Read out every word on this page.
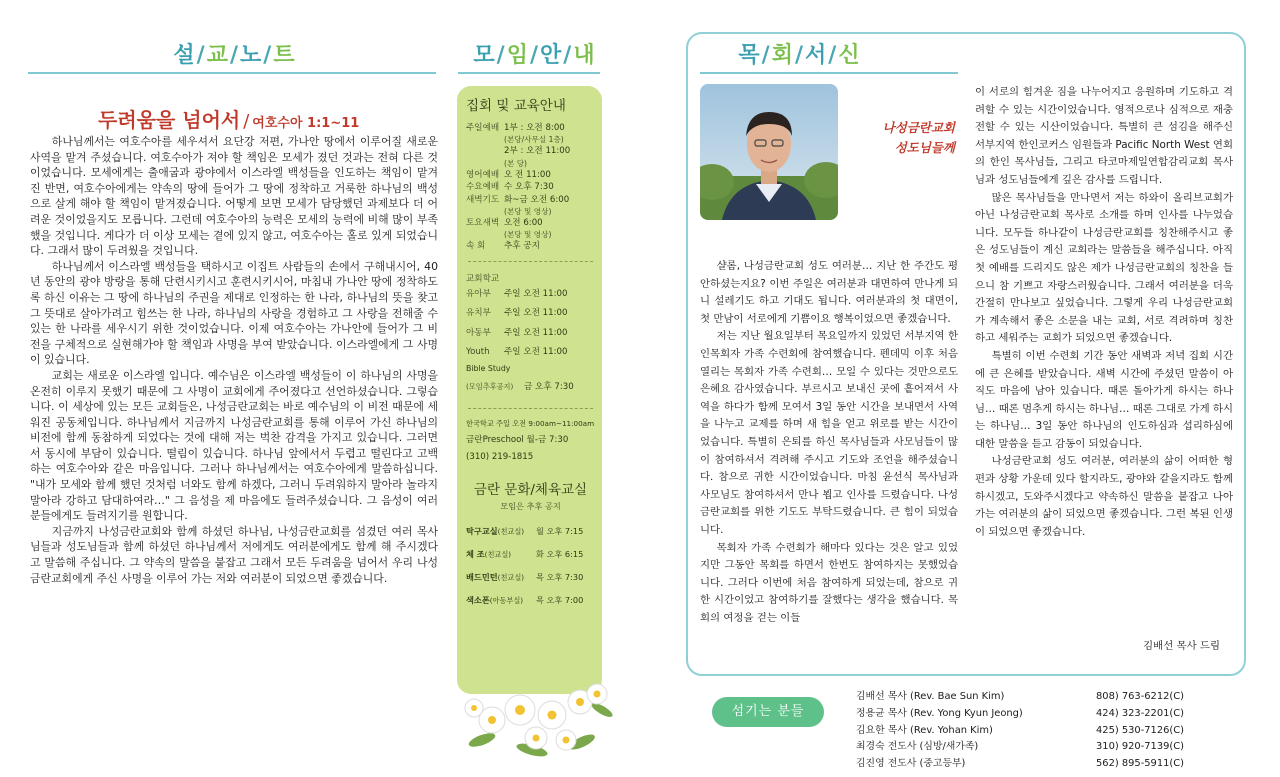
설/교/노/트	모/임/안/내
두려움을 넘어서 / 여호수아 1:1~11

하나님께서는 여호수아를 세우셔서 요단강 저편, 가나안 땅에서 이루어질 새로운 사역을 맡겨 주셨습니다. 여호수아가 져야 할 책임은 모세가 졌던 것과는 전혀 다른 것이었습니다. 모세에게는 출애굽과 광야에서 이스라엘 백성들을 인도하는 책임이 맡겨진 반면, 여호수아에게는 약속의 땅에 들어가 그 땅에 정착하고 거룩한 하나님의 백성으로 살게 해야 할 책임이 맡겨졌습니다. 어떻게 보면 모세가 담당했던 과제보다 더 어려운 것이었을지도 모릅니다. 그런데 여호수아의 능력은 모세의 능력에 비해 많이 부족했을 것입니다. 게다가 더 이상 모세는 곁에 있지 않고, 여호수아는 홀로 있게 되었습니다. 그래서 많이 두려웠을 것입니다.

하나님께서 이스라엘 백성들을 택하시고 이집트 사람들의 손에서 구해내시어, 40년 동안의 광야 방랑을 통해 단련시키시고 훈련시키시어, 마침내 가나안 땅에 정착하도록 하신 이유는 그 땅에 하나님의 주권을 제대로 인정하는 한 나라, 하나님의 뜻을 찾고 그 뜻대로 살아가려고 힘쓰는 한 나라, 하나님의 사랑을 경험하고 그 사랑을 전해줄 수 있는 한 나라를 세우시기 위한 것이었습니다. 이제 여호수아는 가나안에 들어가 그 비전을 구체적으로 실현해가야 할 책임과 사명을 부여 받았습니다. 이스라엘에게 그 사명이 있습니다.

교회는 새로운 이스라엘 입니다. 예수님은 이스라엘 백성들이 이 하나님의 사명을 온전히 이루지 못했기 때문에 그 사명이 교회에게 주어졌다고 선언하셨습니다. 그렇습니다. 이 세상에 있는 모든 교회들은, 나성금란교회는 바로 예수님의 이 비전 때문에 세워진 공동체입니다. 하나님께서 지금까지 나성금란교회를 통해 이루어 가신 하나님의 비전에 함께 동참하게 되었다는 것에 대해 저는 벅찬 감격을 가지고 있습니다. 그러면서 동시에 부담이 있습니다. 떨림이 있습니다. 하나님 앞에서서 두렵고 떨린다고 고백하는 여호수아와 같은 마음입니다. 그러나 하나님께서는 여호수아에게 말씀하십니다. "내가 모세와 함께 했던 것처럼 너와도 함께 하겠다, 그러니 두려워하지 말아라 놀라지 말아라 강하고 담대하여라…" 그 음성을 제 마음에도 들려주셨습니다. 그 음성이 여러분들에게도 들려지기를 원합니다.

지금까지 나성금란교회와 함께 하셨던 하나님, 나성금란교회를 섬겼던 여러 목사님들과 성도님들과 함께 하셨던 하나님께서 저에게도 여러분에게도 함께 해 주시겠다고 말씀해 주십니다. 그 약속의 말씀을 붙잡고 그래서 모든 두려움을 넘어서 우리 나성금란교회에게 주신 사명을 이루어 가는 저와 여러분이 되었으면 좋겠습니다.

집회 및 교육안내
주일예배 1부 : 오전 8:00
(본당/사무실 1층)
2부 : 오전 11:00
(본 당)
영어예배 오 전 11:00
수요예배 수 오후 7:30
새벽기도 화~금 오전 6:00
(본당 및 영상)
토요새벽 오전 6:00
(본당 및 영상)
속 회	추후 공지
교회학교
유아부	주일 오전 11:00
유치부	주일 오전 11:00
아동부	주일 오전 11:00
Youth	주일 오전 11:00
Bible Study
(모임추후공지)	금 오후 7:30
한국학교 주일 오전 9:00am~11:00am
금란Preschool 월-금 7:30
(310) 219-1815
금란 문화/체육교실
모임은 추후 공지
탁구교실(친교실)	월 오후 7:15
체 조(친교실)	화 오후 6:15
배드민턴(친교실)	목 오후 7:30
색소폰(아동부실)	목 오후 7:00
목/회/서/신
나성금란교회
성도님들께

샬롬, 나성금란교회 성도 여러분… 지난 한 주간도 평안하셨는지요? 이번 주일은 여러분과 대면하여 만나게 되니 설레기도 하고 기대도 됩니다. 여러분과의 첫 대면이, 첫 만남이 서로에게 기쁨이요 행복이었으면 좋겠습니다.

저는 지난 월요일부터 목요일까지 있었던 서부지역 한인목회자 가족 수련회에 참여했습니다. 펜데믹 이후 처음 열리는 목회자 가족 수련회… 모일 수 있다는 것만으로도 은혜요 감사였습니다. 부르시고 보내신 곳에 흩어져서 사역을 하다가 함께 모여서 3일 동안 시간을 보내면서 사역을 나누고 교제를 하며 새 힘을 얻고 위로를 받는 시간이었습니다. 특별히 은퇴를 하신 목사님들과 사모님들이 많이 참여하셔서 격려해 주시고 기도와 조언을 해주셨습니다. 참으로 귀한 시간이었습니다. 마침 윤선식 목사님과 사모님도 참여하셔서 만나 뵙고 인사를 드렸습니다. 나성금란교회를 위한 기도도 부탁드렸습니다. 큰 힘이 되었습니다.

목회자 가족 수련회가 해마다 있다는 것은 알고 있었지만 그동안 목회를 하면서 한번도 참여하지는 못했었습니다. 그러다 이번에 처음 참여하게 되었는데, 참으로 귀한 시간이었고 참여하기를 잘했다는 생각을 했습니다. 목회의 여정을 걷는 이들

이 서로의 힘겨운 짐을 나누어지고 응원하며 기도하고 격려할 수 있는 시간이었습니다. 영적으로나 심적으로 재충전할 수 있는 시산이었습니다. 특별히 큰 섬김을 해주신 서부지역 한인코커스 임원들과 Pacific North West 연회의 한인 목사님들, 그리고 타코마제일연합감리교회 목사님과 성도님들에게 깊은 감사를 드립니다.

많은 목사님들을 만나면서 저는 하와이 올리브교회가 아닌 나성금란교회 목사로 소개를 하며 인사를 나누었습니다. 모두들 하나같이 나성금란교회를 칭찬해주시고 좋은 성도님들이 계신 교회라는 말씀들을 해주십니다. 아직 첫 예배를 드리지도 않은 제가 나성금란교회의 칭찬을 들으니 참 기쁘고 자랑스러웠습니다. 그래서 여러분을 더욱 간절히 만나보고 싶었습니다. 그렇게 우리 나성금란교회가 계속해서 좋은 소문을 내는 교회, 서로 격려하며 칭찬하고 세워주는 교회가 되었으면 좋겠습니다.

특별히 이번 수련회 기간 동안 새벽과 저녁 집회 시간에 큰 은혜를 받았습니다. 새벽 시간에 주셨던 말씀이 아직도 마음에 남아 있습니다. 때론 돌아가게 하시는 하나님… 때론 멈추게 하시는 하나님… 때론 그대로 가게 하시는 하나님… 3일 동안 하나님의 인도하심과 섭리하심에 대한 말씀을 듣고 감동이 되었습니다.

나성금란교회 성도 여러분, 여러분의 삶이 어떠한 형편과 상황 가운데 있다 할지라도, 광야와 같을지라도 함께하시겠고, 도와주시겠다고 약속하신 말씀을 붙잡고 나아가는 여러분의 삶이 되었으면 좋겠습니다. 그런 복된 인생이 되었으면 좋겠습니다.

김배선 목사 드림
섬기는 분들
김배선 목사 (Rev. Bae Sun Kim)	808) 763-6212(C)
정용균 목사 (Rev. Yong Kyun Jeong)	424) 323-2201(C)
김요한 목사 (Rev. Yohan Kim)	425) 530-7126(C)
최경숙 전도사 (심방/새가족)	310) 920-7139(C)
김진영 전도사 (중고등부)	562) 895-5911(C)
